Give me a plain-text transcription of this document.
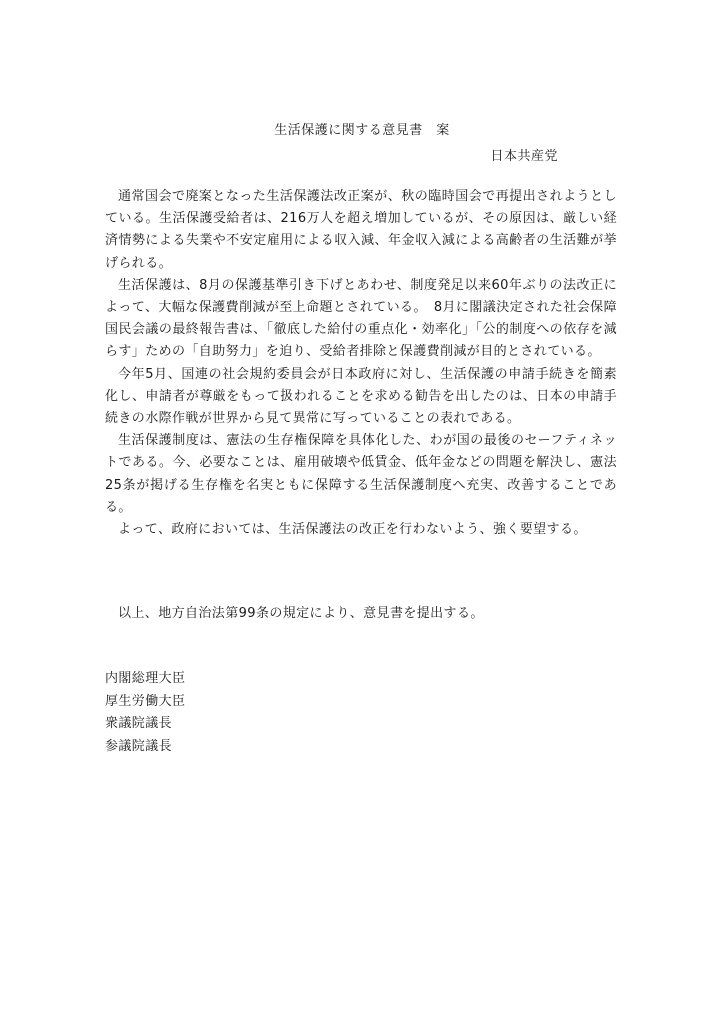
生活保護に関する意見書　案
日本共産党

通常国会で廃案となった生活保護法改正案が、秋の臨時国会で再提出されようとしている。生活保護受給者は、216万人を超え増加しているが、その原因は、厳しい経済情勢による失業や不安定雇用による収入減、年金収入減による高齢者の生活難が挙げられる。

生活保護は、8月の保護基準引き下げとあわせ、制度発足以来60年ぶりの法改正によって、大幅な保護費削減が至上命題とされている。　8月に閣議決定された社会保障国民会議の最終報告書は、「徹底した給付の重点化・効率化」「公的制度への依存を減らす」ための「自助努力」を迫り、受給者排除と保護費削減が目的とされている。

今年5月、国連の社会規約委員会が日本政府に対し、生活保護の申請手続きを簡素化し、申請者が尊厳をもって扱われることを求める勧告を出したのは、日本の申請手続きの水際作戦が世界から見て異常に写っていることの表れである。

生活保護制度は、憲法の生存権保障を具体化した、わが国の最後のセーフティネットである。今、必要なことは、雇用破壊や低賃金、低年金などの問題を解決し、憲法25条が掲げる生存権を名実ともに保障する生活保護制度へ充実、改善することである。

よって、政府においては、生活保護法の改正を行わないよう、強く要望する。

以上、地方自治法第99条の規定により、意見書を提出する。
内閣総理大臣
厚生労働大臣
衆議院議長
参議院議長
